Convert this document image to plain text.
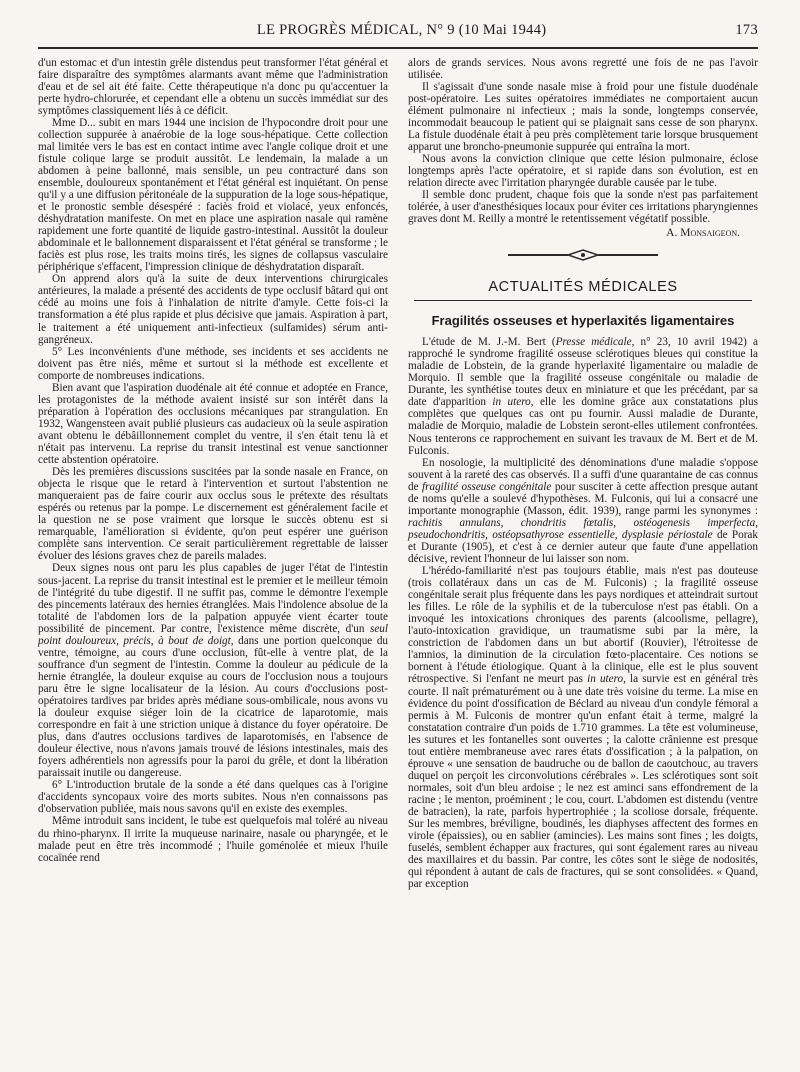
LE PROGRÈS MÉDICAL, N° 9 (10 Mai 1944)	173

d'un estomac et d'un intestin grêle distendus peut transformer l'état général et faire disparaître des symptômes alarmants avant même que l'administration d'eau et de sel ait été faite. Cette thérapeutique n'a donc pu qu'accentuer la perte hydro-chlorurée, et cependant elle a obtenu un succès immédiat sur des symptômes classiquement liés à ce déficit.

Mme D... subit en mars 1944 une incision de l'hypocondre droit pour une collection suppurée à anaérobie de la loge sous-hépatique. Cette collection mal limitée vers le bas est en contact intime avec l'angle colique droit et une fistule colique large se produit aussitôt. Le lendemain, la malade a un abdomen à peine ballonné, mais sensible, un peu contracturé dans son ensemble, douloureux spontanément et l'état général est inquiétant. On pense qu'il y a une diffusion péritonéale de la suppuration de la loge sous-hépatique, et le pronostic semble désespéré : faciès froid et violacé, yeux enfoncés, déshydratation manifeste. On met en place une aspiration nasale qui ramène rapidement une forte quantité de liquide gastro-intestinal. Aussitôt la douleur abdominale et le ballonnement disparaissent et l'état général se transforme ; le faciès est plus rose, les traits moins tirés, les signes de collapsus vasculaire périphérique s'effacent, l'impression clinique de déshydratation disparaît.

On apprend alors qu'à la suite de deux interventions chirurgicales antérieures, la malade a présenté des accidents de type occlusif bâtard qui ont cédé au moins une fois à l'inhalation de nitrite d'amyle. Cette fois-ci la transformation a été plus rapide et plus décisive que jamais. Aspiration à part, le traitement a été uniquement anti-infectieux (sulfamides) sérum anti-gangréneux.

5° Les inconvénients d'une méthode, ses incidents et ses accidents ne doivent pas être niés, même et surtout si la méthode est excellente et comporte de nombreuses indications.

Bien avant que l'aspiration duodénale ait été connue et adoptée en France, les protagonistes de la méthode avaient insisté sur son intérêt dans la préparation à l'opération des occlusions mécaniques par strangulation. En 1932, Wangensteen avait publié plusieurs cas audacieux où la seule aspiration avant obtenu le débâillonnement complet du ventre, il s'en était tenu là et n'était pas intervenu. La reprise du transit intestinal est venue sanctionner cette abstention opératoire.

Dès les premières discussions suscitées par la sonde nasale en France, on objecta le risque que le retard à l'intervention et surtout l'abstention ne manqueraient pas de faire courir aux occlus sous le prétexte des résultats espérés ou retenus par la pompe. Le discernement est généralement facile et la question ne se pose vraiment que lorsque le succès obtenu est si remarquable, l'amélioration si évidente, qu'on peut espérer une guérison complète sans intervention. Ce serait particulièrement regrettable de laisser évoluer des lésions graves chez de pareils malades.

Deux signes nous ont paru les plus capables de juger l'état de l'intestin sous-jacent. La reprise du transit intestinal est le premier et le meilleur témoin de l'intégrité du tube digestif. Il ne suffit pas, comme le démontre l'exemple des pincements latéraux des hernies étranglées. Mais l'indolence absolue de la totalité de l'abdomen lors de la palpation appuyée vient écarter toute possibilité de pincement. Par contre, l'existence même discrète, d'un seul point douloureux, précis, à bout de doigt, dans une portion quelconque du ventre, témoigne, au cours d'une occlusion, fût-elle à ventre plat, de la souffrance d'un segment de l'intestin. Comme la douleur au pédicule de la hernie étranglée, la douleur exquise au cours de l'occlusion nous a toujours paru être le signe localisateur de la lésion. Au cours d'occlusions post-opératoires tardives par brides après médiane sous-ombilicale, nous avons vu la douleur exquise siéger loin de la cicatrice de laparotomie, mais correspondre en fait à une striction unique à distance du foyer opératoire. De plus, dans d'autres occlusions tardives de laparotomisés, en l'absence de douleur élective, nous n'avons jamais trouvé de lésions intestinales, mais des foyers adhérentiels non agressifs pour la paroi du grêle, et dont la libération paraissait inutile ou dangereuse.

6° L'introduction brutale de la sonde a été dans quelques cas à l'origine d'accidents syncopaux voire des morts subites. Nous n'en connaissons pas d'observation publiée, mais nous savons qu'il en existe des exemples.

Même introduit sans incident, le tube est quelquefois mal toléré au niveau du rhino-pharynx. Il irrite la muqueuse narinaire, nasale ou pharyngée, et le malade peut en être très incommodé ; l'huile goménolée et mieux l'huile cocaïnée rend

alors de grands services. Nous avons regretté une fois de ne pas l'avoir utilisée.

Il s'agissait d'une sonde nasale mise à froid pour une fistule duodénale post-opératoire. Les suites opératoires immédiates ne comportaient aucun élément pulmonaire ni infectieux ; mais la sonde, longtemps conservée, incommodait beaucoup le patient qui se plaignait sans cesse de son pharynx. La fistule duodénale était à peu près complètement tarie lorsque brusquement apparut une broncho-pneumonie suppurée qui entraîna la mort.

Nous avons la conviction clinique que cette lésion pulmonaire, éclose longtemps après l'acte opératoire, et si rapide dans son évolution, est en relation directe avec l'irritation pharyngée durable causée par le tube.

Il semble donc prudent, chaque fois que la sonde n'est pas parfaitement tolérée, à user d'anesthésiques locaux pour éviter ces irritations pharyngiennes graves dont M. Reilly a montré le retentissement végétatif possible.

A. Monsaigeon.
ACTUALITÉS MÉDICALES
Fragilités osseuses et hyperlaxités ligamentaires

L'étude de M. J.-M. Bert (Presse médicale, n° 23, 10 avril 1942) a rapproché le syndrome fragilité osseuse sclérotiques bleues qui constitue la maladie de Lobstein, de la grande hyperlaxité ligamentaire ou maladie de Morquio. Il semble que la fragilité osseuse congénitale ou maladie de Durante, les synthétise toutes deux en miniature et que les précédant, par sa date d'apparition in utero, elle les domine grâce aux constatations plus complètes que quelques cas ont pu fournir. Aussi maladie de Durante, maladie de Morquio, maladie de Lobstein seront-elles utilement confrontées. Nous tenterons ce rapprochement en suivant les travaux de M. Bert et de M. Fulconis.

En nosologie, la multiplicité des dénominations d'une maladie s'oppose souvent à la rareté des cas observés. Il a suffi d'une quarantaine de cas connus de fragilité osseuse congénitale pour susciter à cette affection presque autant de noms qu'elle a soulevé d'hypothèses. M. Fulconis, qui lui a consacré une importante monographie (Masson, édit. 1939), range parmi les synonymes : rachitis annulans, chondritis fœtalis, ostéogenesis imperfecta, pseudochondritis, ostéopsathyrose essentielle, dysplasie périostale de Porak et Durante (1905), et c'est à ce dernier auteur que faute d'une appellation décisive, revient l'honneur de lui laisser son nom.

L'hérédo-familiarité n'est pas toujours établie, mais n'est pas douteuse (trois collatéraux dans un cas de M. Fulconis) ; la fragilité osseuse congénitale serait plus fréquente dans les pays nordiques et atteindrait surtout les filles. Le rôle de la syphilis et de la tuberculose n'est pas établi. On a invoqué les intoxications chroniques des parents (alcoolisme, pellagre), l'auto-intoxication gravidique, un traumatisme subi par la mère, la constriction de l'abdomen dans un but abortif (Rouvier), l'étroitesse de l'amnios, la diminution de la circulation fœto-placentaire. Ces notions se bornent à l'étude étiologique. Quant à la clinique, elle est le plus souvent rétrospective. Si l'enfant ne meurt pas in utero, la survie est en général très courte. Il naît prématurément ou à une date très voisine du terme. La mise en évidence du point d'ossification de Béclard au niveau d'un condyle fémoral a permis à M. Fulconis de montrer qu'un enfant était à terme, malgré la constatation contraire d'un poids de 1.710 grammes. La tête est volumineuse, les sutures et les fontanelles sont ouvertes ; la calotte crânienne est presque tout entière membraneuse avec rares états d'ossification ; à la palpation, on éprouve « une sensation de baudruche ou de ballon de caoutchouc, au travers duquel on perçoit les circonvolutions cérébrales ». Les sclérotiques sont soit normales, soit d'un bleu ardoise ; le nez est aminci sans effondrement de la racine ; le menton, proéminent ; le cou, court. L'abdomen est distendu (ventre de batracien), la rate, parfois hypertrophiée ; la scoliose dorsale, fréquente. Sur les membres, bréviligne, boudinés, les diaphyses affectent des formes en virole (épaissies), ou en sablier (amincies). Les mains sont fines ; les doigts, fuselés, semblent échapper aux fractures, qui sont également rares au niveau des maxillaires et du bassin. Par contre, les côtes sont le siège de nodosités, qui répondent à autant de cals de fractures, qui se sont consolidées. « Quand, par exception
